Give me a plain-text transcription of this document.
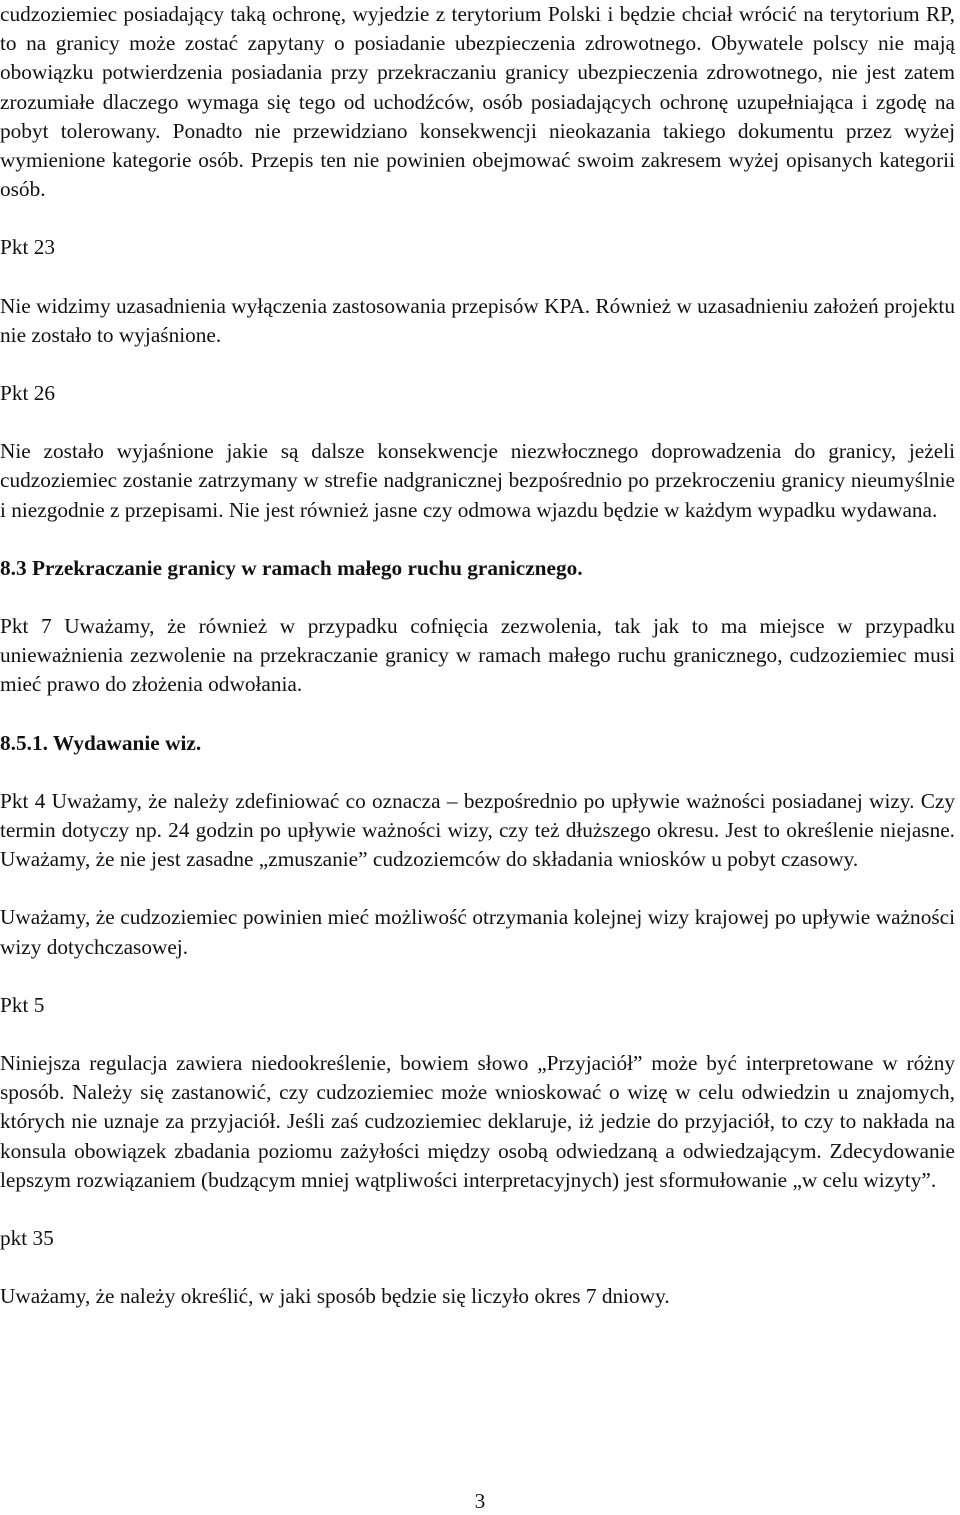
cudzoziemiec posiadający taką ochronę, wyjedzie z terytorium Polski i będzie chciał wrócić na terytorium RP, to na granicy może zostać zapytany o posiadanie ubezpieczenia zdrowotnego. Obywatele polscy nie mają obowiązku potwierdzenia posiadania przy przekraczaniu granicy ubezpieczenia zdrowotnego, nie jest zatem zrozumiałe dlaczego wymaga się tego od uchodźców, osób posiadających ochronę uzupełniająca i zgodę na pobyt tolerowany. Ponadto nie przewidziano konsekwencji nieokazania takiego dokumentu przez wyżej wymienione kategorie osób. Przepis ten nie powinien obejmować swoim zakresem wyżej opisanych kategorii osób.

Pkt 23

Nie widzimy uzasadnienia wyłączenia zastosowania przepisów KPA. Również w uzasadnieniu założeń projektu nie zostało to wyjaśnione.

Pkt 26

Nie zostało wyjaśnione jakie są dalsze konsekwencje niezwłocznego doprowadzenia do granicy, jeżeli cudzoziemiec zostanie zatrzymany w strefie nadgranicznej bezpośrednio po przekroczeniu granicy nieumyślnie i niezgodnie z przepisami. Nie jest również jasne czy odmowa wjazdu będzie w każdym wypadku wydawana.

8.3 Przekraczanie granicy w ramach małego ruchu granicznego.

Pkt 7 Uważamy, że również w przypadku cofnięcia zezwolenia, tak jak to ma miejsce w przypadku unieważnienia zezwolenie na przekraczanie granicy w ramach małego ruchu granicznego, cudzoziemiec musi mieć prawo do złożenia odwołania.

8.5.1. Wydawanie wiz.

Pkt 4 Uważamy, że należy zdefiniować co oznacza – bezpośrednio po upływie ważności posiadanej wizy. Czy termin dotyczy np. 24 godzin po upływie ważności wizy, czy też dłuższego okresu. Jest to określenie niejasne. Uważamy, że nie jest zasadne „zmuszanie” cudzoziemców do składania wniosków u pobyt czasowy.

Uważamy, że cudzoziemiec powinien mieć możliwość otrzymania kolejnej wizy krajowej po upływie ważności wizy dotychczasowej.

Pkt 5

Niniejsza regulacja zawiera niedookreślenie, bowiem słowo „Przyjaciół” może być interpretowane w różny sposób. Należy się zastanowić, czy cudzoziemiec może wnioskować o wizę w celu odwiedzin u znajomych, których nie uznaje za przyjaciół. Jeśli zaś cudzoziemiec deklaruje, iż jedzie do przyjaciół, to czy to nakłada na konsula obowiązek zbadania poziomu zażyłości między osobą odwiedzaną a odwiedzającym. Zdecydowanie lepszym rozwiązaniem (budzącym mniej wątpliwości interpretacyjnych) jest sformułowanie „w celu wizyty”.

pkt 35

Uważamy, że należy określić, w jaki sposób będzie się liczyło okres 7 dniowy.

3
